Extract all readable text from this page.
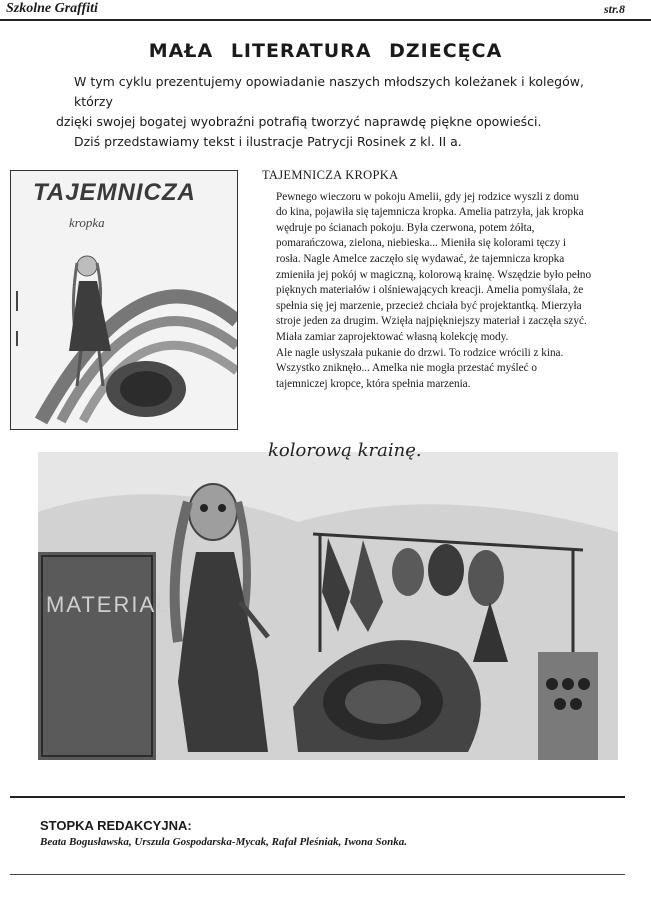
Szkolne Graffiti	str.8
MAŁA LITERATURA DZIECĘCA

W tym cyklu prezentujemy opowiadanie naszych młodszych koleżanek i kolegów, którzy

dzięki swojej bogatej wyobraźni potrafią tworzyć naprawdę piękne opowieści.

Dziś przedstawiamy tekst i ilustracje Patrycji Rosinek z kl. II a.

TAJEMNICZA
kropka
TAJEMNICZA KROPKA

Pewnego wieczoru w pokoju Amelii, gdy jej rodzice wyszli z domu

do kina, pojawiła się tajemnicza kropka. Amelia patrzyła, jak kropka

wędruje po ścianach pokoju. Była czerwona, potem żółta,

pomarańczowa, zielona, niebieska... Mieniła się kolorami tęczy i

rosła. Nagle Amelce zaczęło się wydawać, że tajemnicza kropka

zmieniła jej pokój w magiczną, kolorową krainę. Wszędzie było pełno

pięknych materiałów i olśniewających kreacji. Amelia pomyślała, że

spełnia się jej marzenie, przecież chciała być projektantką. Mierzyła

stroje jeden za drugim. Wzięła najpiękniejszy materiał i zaczęła szyć.

Miała zamiar zaprojektować własną kolekcję mody.

Ale nagle usłyszała pukanie do drzwi. To rodzice wrócili z kina.

Wszystko zniknęło... Amelka nie mogła przestać myśleć o

tajemniczej kropce, która spełnia marzenia.

MATERIAŁY
kolorową krainę.
STOPKA REDAKCYJNA:
Beata Bogusławska, Urszula Gospodarska-Mycak, Rafał Pleśniak, Iwona Sonka.
